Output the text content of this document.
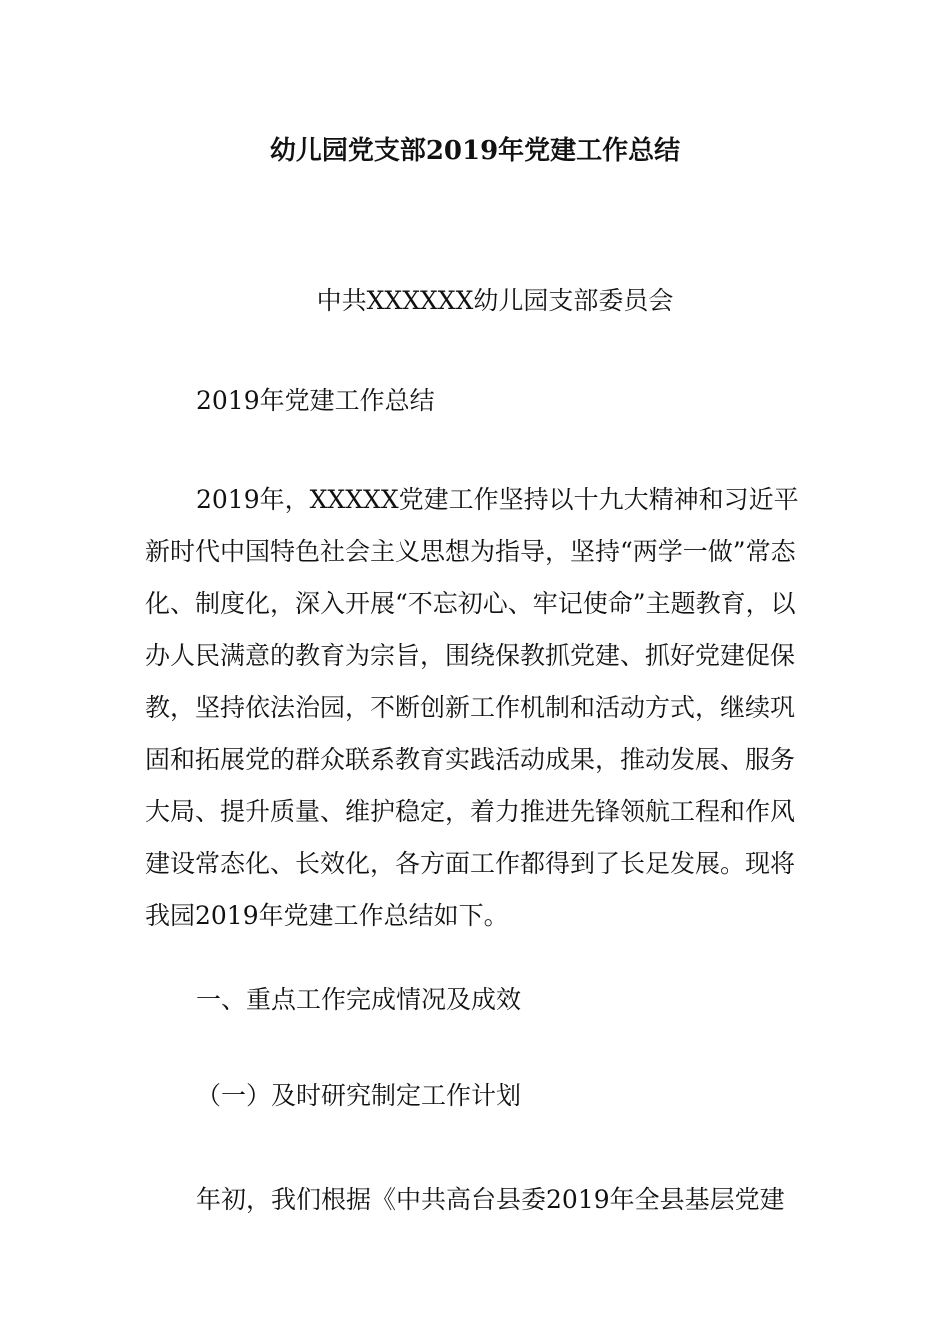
幼儿园党支部2019年党建工作总结
中共XXXXXX幼儿园支部委员会
2019年党建工作总结
2019年，XXXXX党建工作坚持以十九大精神和习近平新时代中国特色社会主义思想为指导，坚持“两学一做”常态化、制度化，深入开展“不忘初心、牢记使命”主题教育，以办人民满意的教育为宗旨，围绕保教抓党建、抓好党建促保教，坚持依法治园，不断创新工作机制和活动方式，继续巩固和拓展党的群众联系教育实践活动成果，推动发展、服务大局、提升质量、维护稳定，着力推进先锋领航工程和作风建设常态化、长效化，各方面工作都得到了长足发展。现将我园2019年党建工作总结如下。
一、重点工作完成情况及成效
（一）及时研究制定工作计划
年初，我们根据《中共高台县委2019年全县基层党建
